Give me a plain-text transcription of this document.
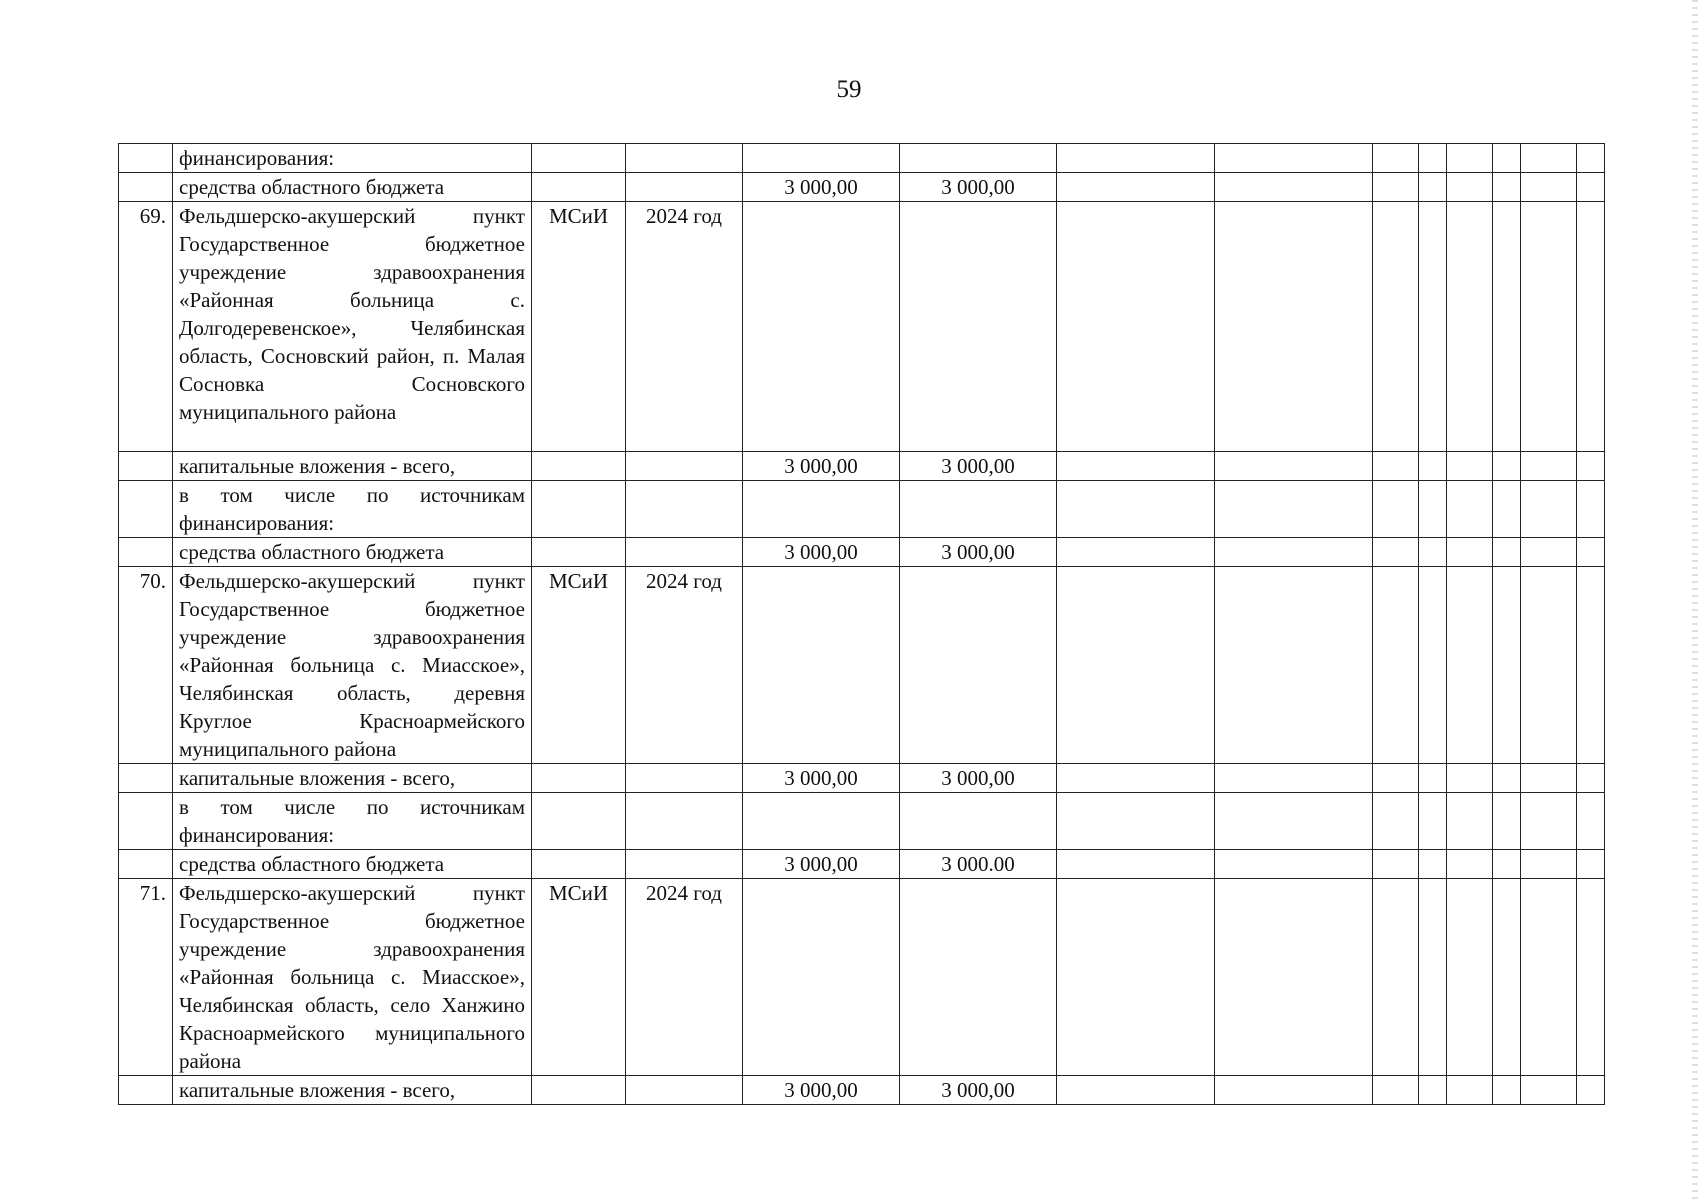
59
	финансирования:												
	средства областного бюджета			3 000,00	3 000,00								
69.	Фельдшерско-акушерский пункт Государственное бюджетное учреждение здравоохранения «Районная больница с. Долгодеревенское», Челябинская область, Сосновский район, п. Малая Сосновка Сосновского муниципального района	МСиИ	2024 год										
	капитальные вложения - всего,			3 000,00	3 000,00								
	в том числе по источникам финансирования:												
	средства областного бюджета			3 000,00	3 000,00								
70.	Фельдшерско-акушерский пункт Государственное бюджетное учреждение здравоохранения «Районная больница с. Миасское», Челябинская область, деревня Круглое Красноармейского муниципального района	МСиИ	2024 год										
	капитальные вложения - всего,			3 000,00	3 000,00								
	в том числе по источникам финансирования:												
	средства областного бюджета			3 000,00	3 000.00								
71.	Фельдшерско-акушерский пункт Государственное бюджетное учреждение здравоохранения «Районная больница с. Миасское», Челябинская область, село Ханжино Красноармейского муниципального района	МСиИ	2024 год										
	капитальные вложения - всего,			3 000,00	3 000,00								
